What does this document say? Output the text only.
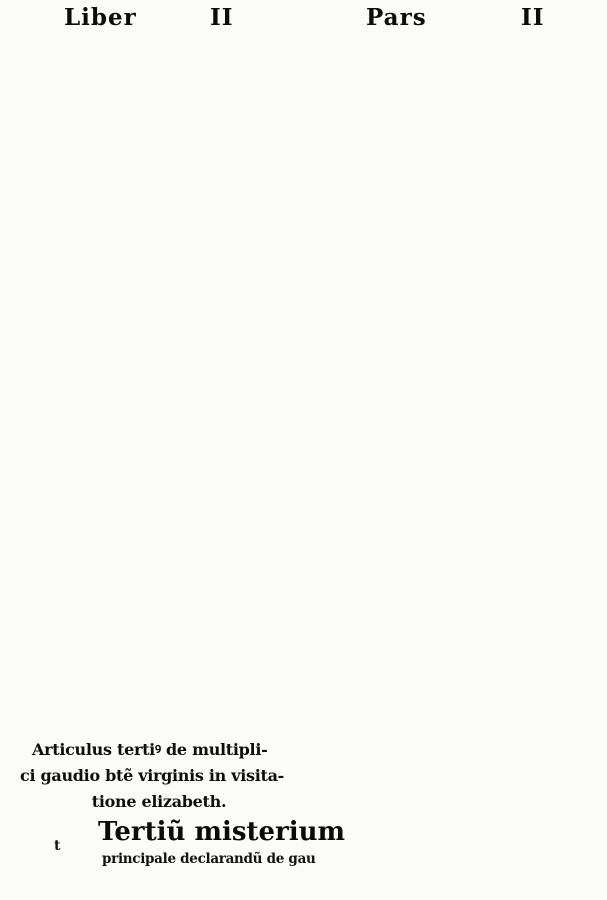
Liber	II	Pars	II
Articulus tertiꝰ de multipli-
ci gaudio btẽ virginis in visita-
tione elizabeth.
Tertiũ misterium
principale declarandũ de gau
t
